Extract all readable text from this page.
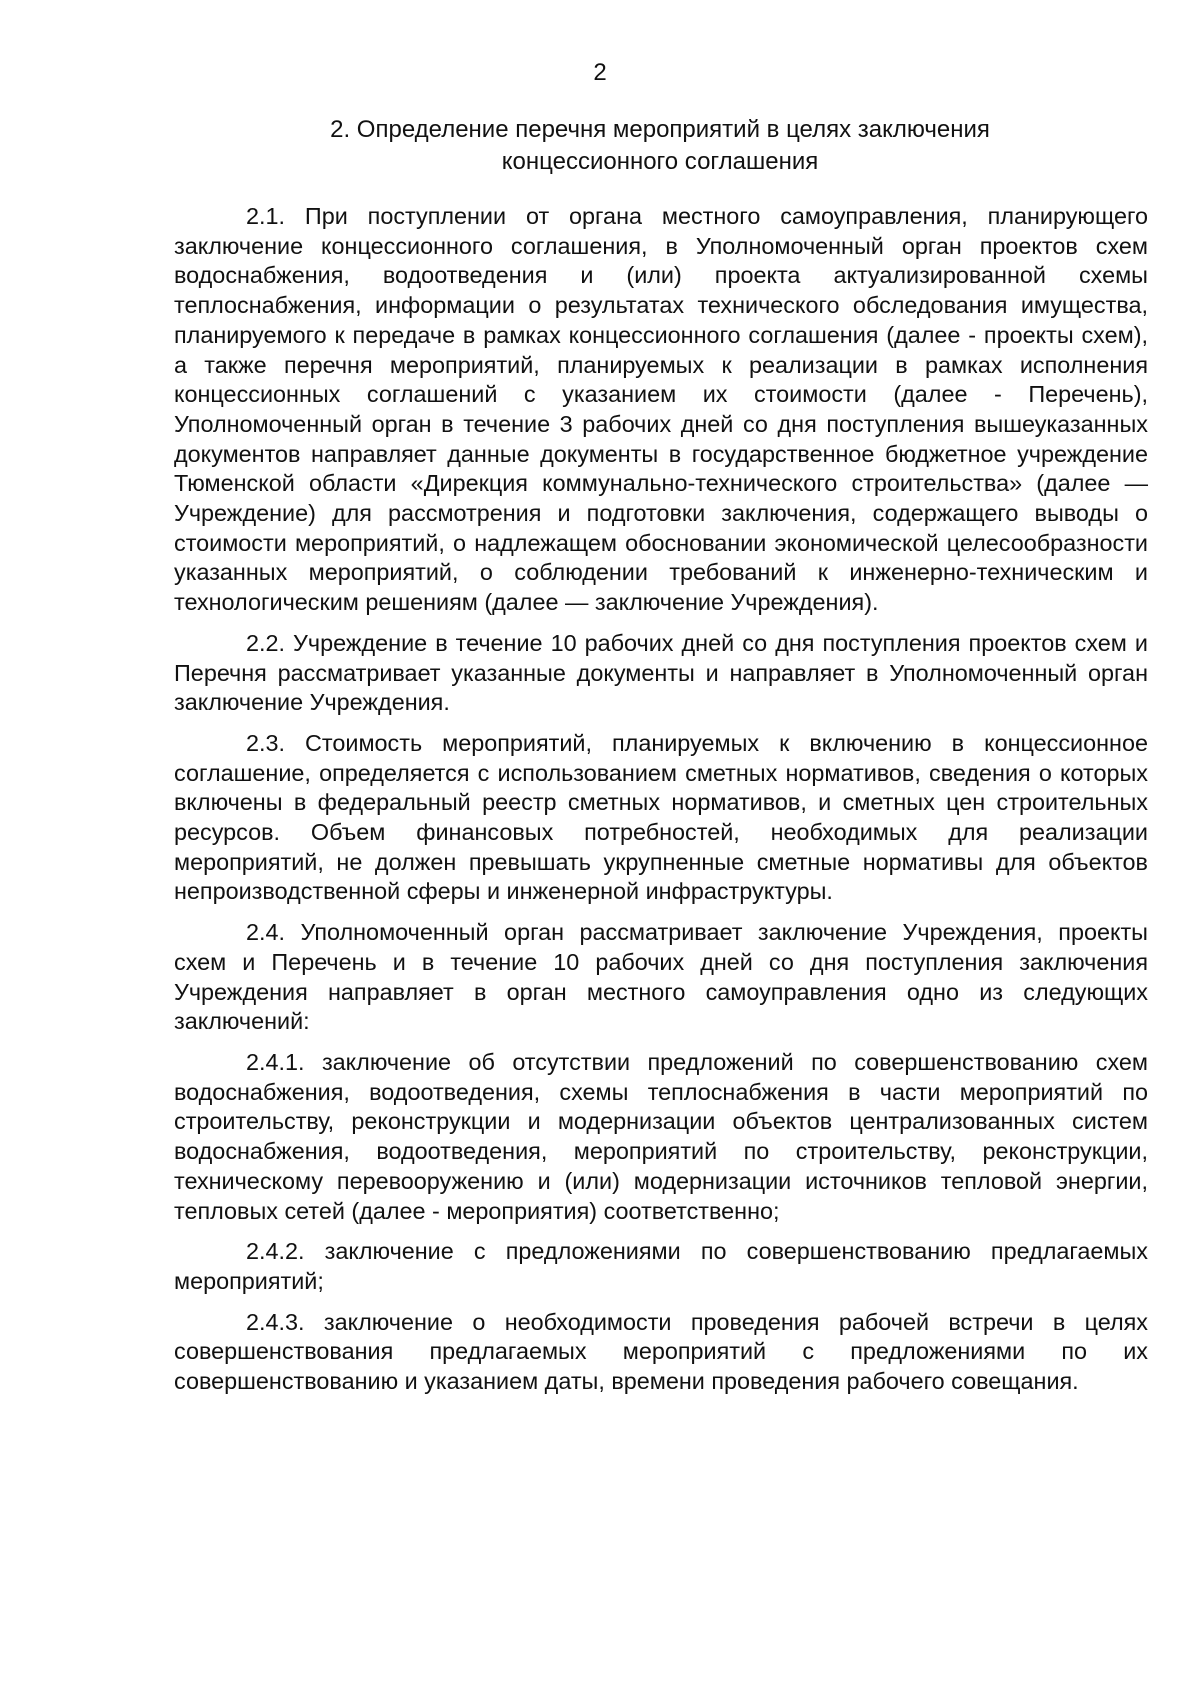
2
2. Определение перечня мероприятий в целях заключения
концессионного соглашения

2.1. При поступлении от органа местного самоуправления, планирующего заключение концессионного соглашения, в Уполномоченный орган проектов схем водоснабжения, водоотведения и (или) проекта актуализированной схемы теплоснабжения, информации о результатах технического обследования имущества, планируемого к передаче в рамках концессионного соглашения (далее - проекты схем), а также перечня мероприятий, планируемых к реализации в рамках исполнения концессионных соглашений с указанием их стоимости (далее - Перечень), Уполномоченный орган в течение 3 рабочих дней со дня поступления вышеуказанных документов направляет данные документы в государственное бюджетное учреждение Тюменской области «Дирекция коммунально-технического строительства» (далее — Учреждение) для рассмотрения и подготовки заключения, содержащего выводы о стоимости мероприятий, о надлежащем обосновании экономической целесообразности указанных мероприятий, о соблюдении требований к инженерно-техническим и технологическим решениям (далее — заключение Учреждения).

2.2. Учреждение в течение 10 рабочих дней со дня поступления проектов схем и Перечня рассматривает указанные документы и направляет в Уполномоченный орган заключение Учреждения.

2.3. Стоимость мероприятий, планируемых к включению в концессионное соглашение, определяется с использованием сметных нормативов, сведения о которых включены в федеральный реестр сметных нормативов, и сметных цен строительных ресурсов. Объем финансовых потребностей, необходимых для реализации мероприятий, не должен превышать укрупненные сметные нормативы для объектов непроизводственной сферы и инженерной инфраструктуры.

2.4. Уполномоченный орган рассматривает заключение Учреждения, проекты схем и Перечень и в течение 10 рабочих дней со дня поступления заключения Учреждения направляет в орган местного самоуправления одно из следующих заключений:

2.4.1. заключение об отсутствии предложений по совершенствованию схем водоснабжения, водоотведения, схемы теплоснабжения в части мероприятий по строительству, реконструкции и модернизации объектов централизованных систем водоснабжения, водоотведения, мероприятий по строительству, реконструкции, техническому перевооружению и (или) модернизации источников тепловой энергии, тепловых сетей (далее - мероприятия) соответственно;

2.4.2. заключение с предложениями по совершенствованию предлагаемых мероприятий;

2.4.3. заключение о необходимости проведения рабочей встречи в целях совершенствования предлагаемых мероприятий с предложениями по их совершенствованию и указанием даты, времени проведения рабочего совещания.
